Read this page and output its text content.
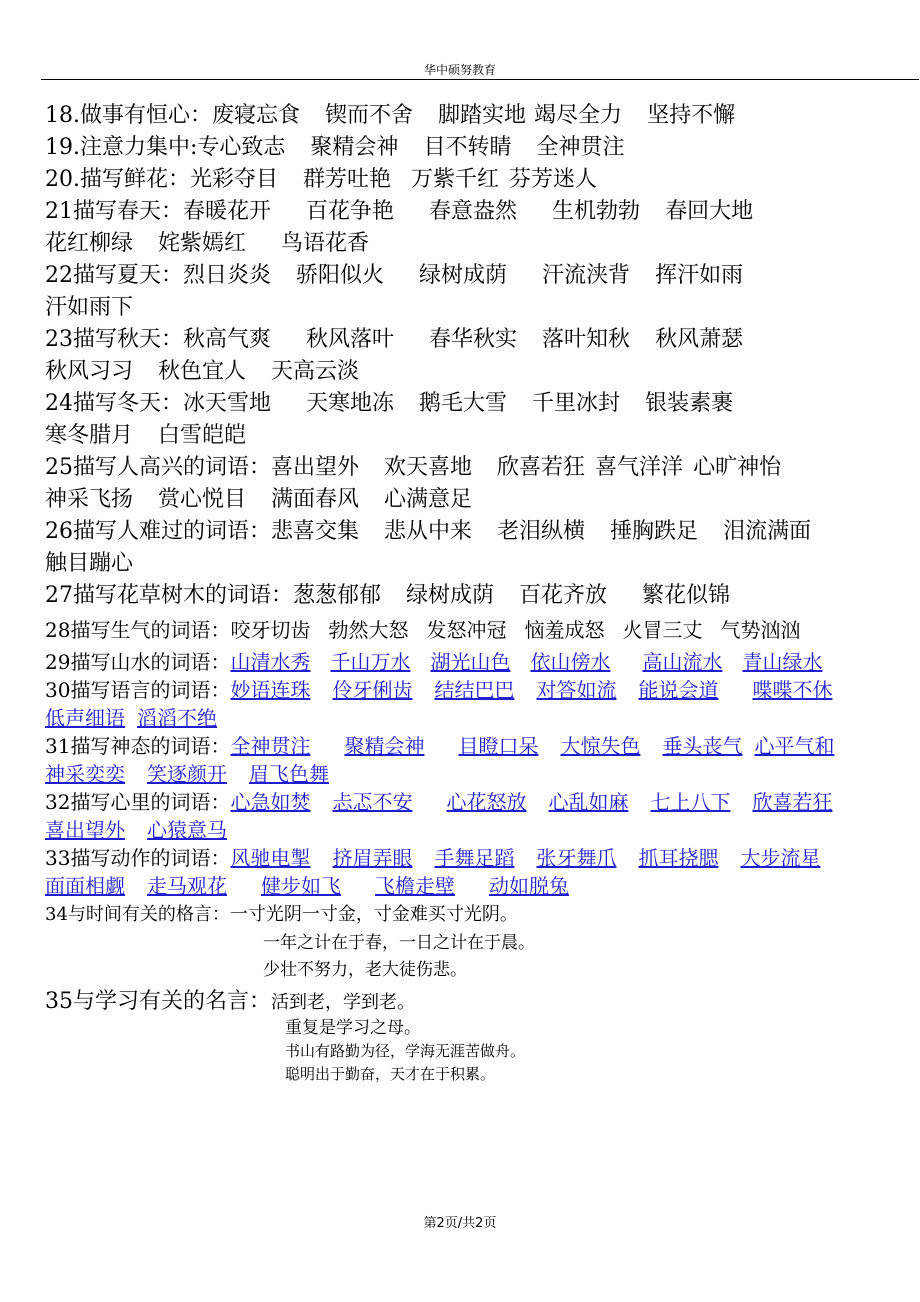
华中硕努教育
18.做事有恒心：废寝忘食 锲而不舍 脚踏实地 竭尽全力 坚持不懈
19.注意力集中:专心致志 聚精会神 目不转睛 全神贯注
20.描写鲜花：光彩夺目 群芳吐艳 万紫千红 芬芳迷人
21描写春天：春暖花开 百花争艳 春意盎然 生机勃勃 春回大地
花红柳绿 姹紫嫣红 鸟语花香
22描写夏天：烈日炎炎 骄阳似火 绿树成荫 汗流浃背 挥汗如雨
汗如雨下
23描写秋天：秋高气爽 秋风落叶 春华秋实 落叶知秋 秋风萧瑟
秋风习习 秋色宜人 天高云淡
24描写冬天：冰天雪地 天寒地冻 鹅毛大雪 千里冰封 银装素裹
寒冬腊月 白雪皑皑
25描写人高兴的词语：喜出望外 欢天喜地 欣喜若狂 喜气洋洋 心旷神怡
神采飞扬 赏心悦目 满面春风 心满意足
26描写人难过的词语：悲喜交集 悲从中来 老泪纵横 捶胸跌足 泪流满面
触目蹦心
27描写花草树木的词语：葱葱郁郁 绿树成荫 百花齐放 繁花似锦
28描写生气的词语：咬牙切齿 勃然大怒 发怒冲冠 恼羞成怒 火冒三丈 气势汹汹
29描写山水的词语：山清水秀 千山万水 湖光山色 依山傍水 高山流水 青山绿水
30描写语言的词语：妙语连珠 伶牙俐齿 结结巴巴 对答如流 能说会道 喋喋不休
低声细语 滔滔不绝
31描写神态的词语：全神贯注 聚精会神 目瞪口呆 大惊失色 垂头丧气 心平气和
神采奕奕 笑逐颜开 眉飞色舞
32描写心里的词语：心急如焚 忐忑不安 心花怒放 心乱如麻 七上八下 欣喜若狂
喜出望外 心猿意马
33描写动作的词语：风驰电掣 挤眉弄眼 手舞足蹈 张牙舞爪 抓耳挠腮 大步流星
面面相觑 走马观花 健步如飞 飞檐走壁 动如脱兔
34与时间有关的格言：一寸光阴一寸金，寸金难买寸光阴。
一年之计在于春，一日之计在于晨。
少壮不努力，老大徒伤悲。
35与学习有关的名言：活到老，学到老。
重复是学习之母。
书山有路勤为径，学海无涯苦做舟。
聪明出于勤奋，天才在于积累。
第2页/共2页
